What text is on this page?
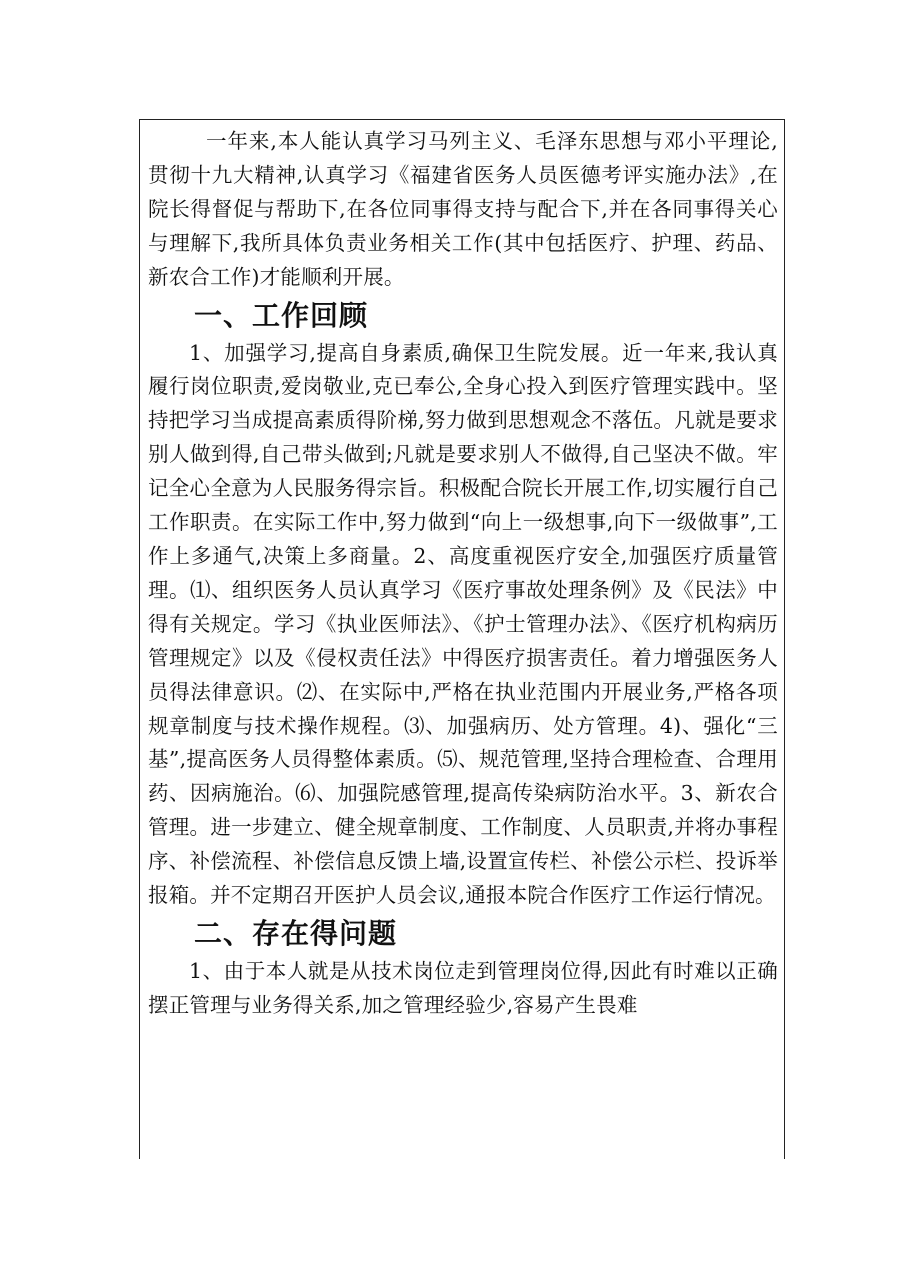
一年来,本人能认真学习马列主义、毛泽东思想与邓小平理论,贯彻十九大精神,认真学习《福建省医务人员医德考评实施办法》,在院长得督促与帮助下,在各位同事得支持与配合下,并在各同事得关心与理解下,我所具体负责业务相关工作(其中包括医疗、护理、药品、新农合工作)才能顺利开展。

一、工作回顾

1、加强学习,提高自身素质,确保卫生院发展。近一年来,我认真履行岗位职责,爱岗敬业,克已奉公,全身心投入到医疗管理实践中。坚持把学习当成提高素质得阶梯,努力做到思想观念不落伍。凡就是要求别人做到得,自己带头做到;凡就是要求别人不做得,自己坚决不做。牢记全心全意为人民服务得宗旨。积极配合院长开展工作,切实履行自己工作职责。在实际工作中,努力做到“向上一级想事,向下一级做事”,工作上多通气,决策上多商量。2、高度重视医疗安全,加强医疗质量管理。⑴、组织医务人员认真学习《医疗事故处理条例》及《民法》中得有关规定。学习《执业医师法》、《护士管理办法》、《医疗机构病历管理规定》以及《侵权责任法》中得医疗损害责任。着力增强医务人员得法律意识。⑵、在实际中,严格在执业范围内开展业务,严格各项规章制度与技术操作规程。⑶、加强病历、处方管理。4)、强化“三基”,提高医务人员得整体素质。⑸、规范管理,坚持合理检查、合理用药、因病施治。⑹、加强院感管理,提高传染病防治水平。3、新农合管理。进一步建立、健全规章制度、工作制度、人员职责,并将办事程序、补偿流程、补偿信息反馈上墙,设置宣传栏、补偿公示栏、投诉举报箱。并不定期召开医护人员会议,通报本院合作医疗工作运行情况。

二、存在得问题

1、由于本人就是从技术岗位走到管理岗位得,因此有时难以正确摆正管理与业务得关系,加之管理经验少,容易产生畏难
